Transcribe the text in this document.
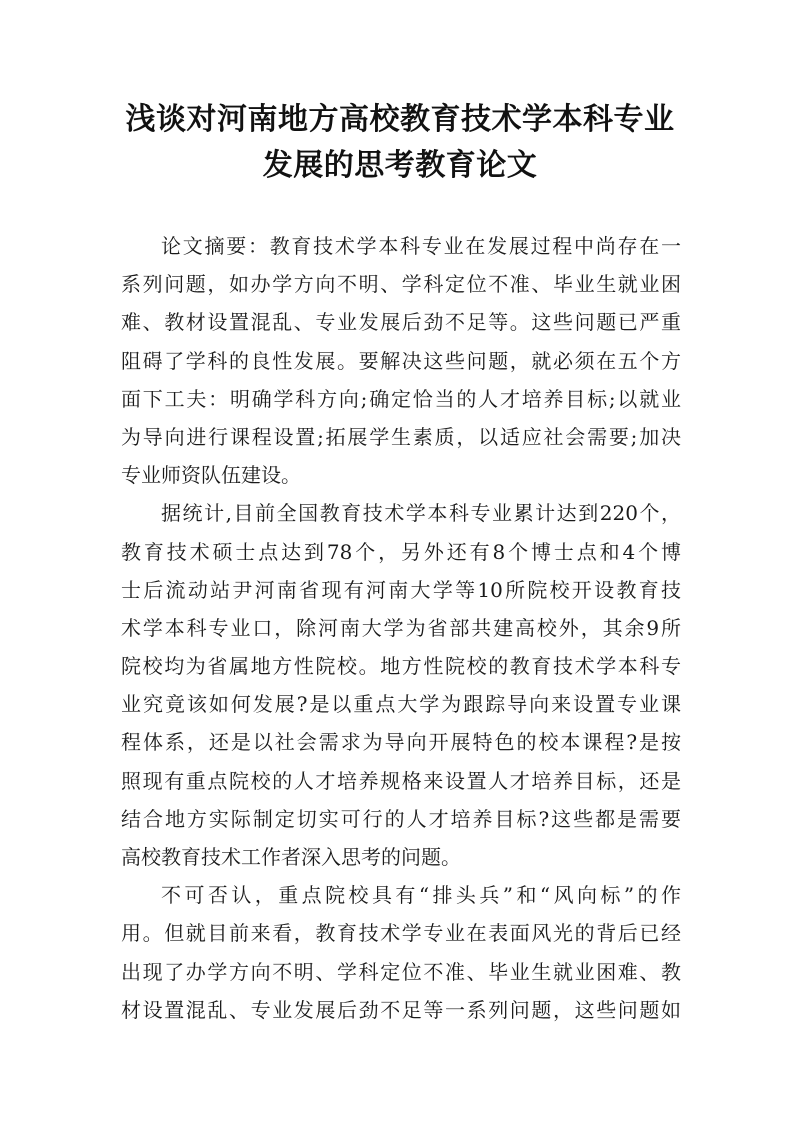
浅谈对河南地方高校教育技术学本科专业
发展的思考教育论文
论文摘要：教育技术学本科专业在发展过程中尚存在一
系列问题，如办学方向不明、学科定位不准、毕业生就业困
难、教材设置混乱、专业发展后劲不足等。这些问题已严重
阻碍了学科的良性发展。要解决这些问题，就必须在五个方
面下工夫：明确学科方向;确定恰当的人才培养目标;以就业
为导向进行课程设置;拓展学生素质，以适应社会需要;加决
专业师资队伍建设。
据统计,目前全国教育技术学本科专业累计达到220个，
教育技术硕士点达到78个，另外还有8个博士点和4个博
士后流动站尹河南省现有河南大学等10所院校开设教育技
术学本科专业口，除河南大学为省部共建高校外，其余9所
院校均为省属地方性院校。地方性院校的教育技术学本科专
业究竟该如何发展?是以重点大学为跟踪导向来设置专业课
程体系，还是以社会需求为导向开展特色的校本课程?是按
照现有重点院校的人才培养规格来设置人才培养目标，还是
结合地方实际制定切实可行的人才培养目标?这些都是需要
高校教育技术工作者深入思考的问题。
不可否认，重点院校具有“排头兵”和“风向标”的作
用。但就目前来看，教育技术学专业在表面风光的背后已经
出现了办学方向不明、学科定位不准、毕业生就业困难、教
材设置混乱、专业发展后劲不足等一系列问题，这些问题如
